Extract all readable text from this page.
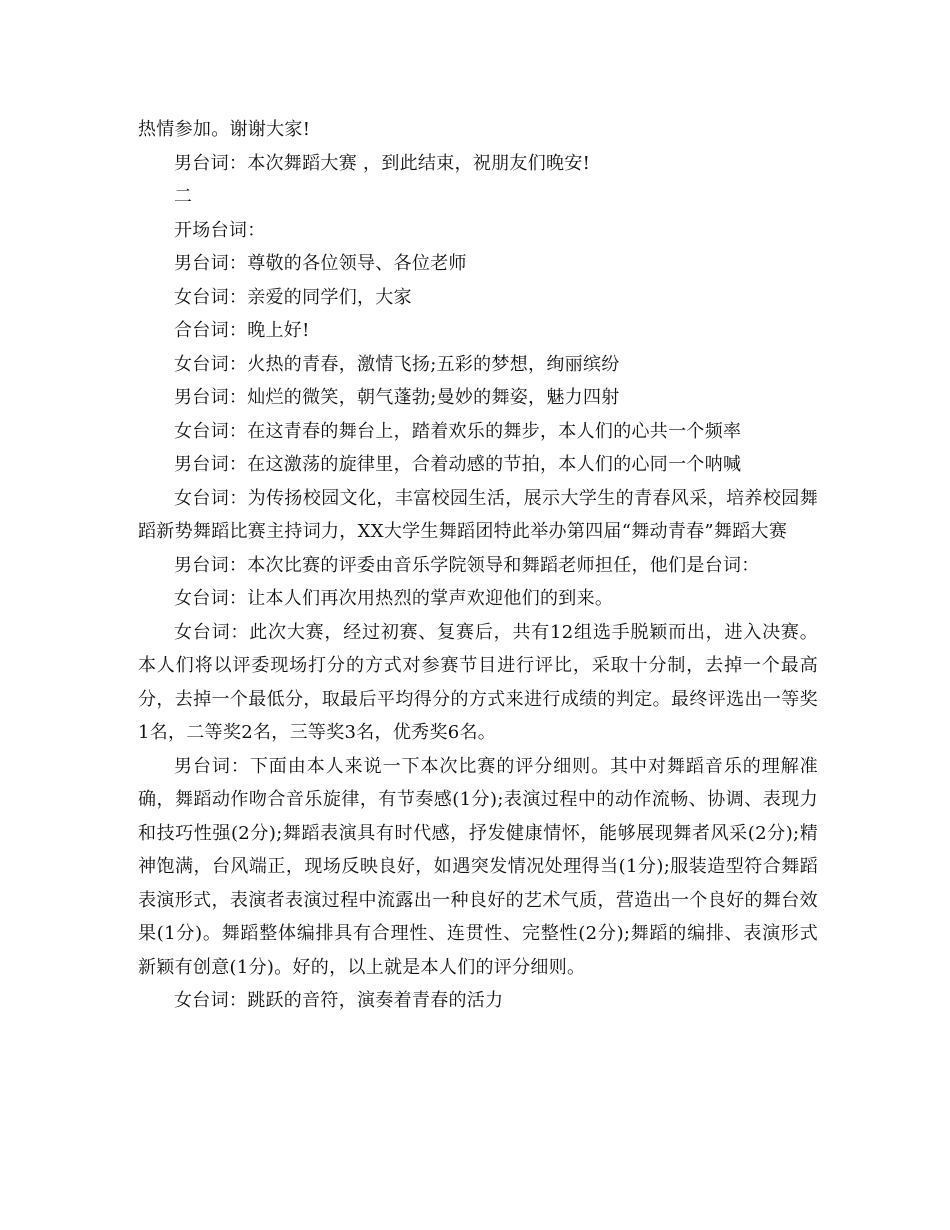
热情参加。谢谢大家!

男台词：本次舞蹈大赛 ，到此结束，祝朋友们晚安!

二

开场台词：

男台词：尊敬的各位领导、各位老师

女台词：亲爱的同学们，大家

合台词：晚上好!

女台词：火热的青春，激情飞扬;五彩的梦想，绚丽缤纷

男台词：灿烂的微笑，朝气蓬勃;曼妙的舞姿，魅力四射

女台词：在这青春的舞台上，踏着欢乐的舞步，本人们的心共一个频率

男台词：在这激荡的旋律里，合着动感的节拍，本人们的心同一个呐喊

女台词：为传扬校园文化，丰富校园生活，展示大学生的青春风采，培养校园舞蹈新势舞蹈比赛主持词力，XX大学生舞蹈团特此举办第四届“舞动青春”舞蹈大赛

男台词：本次比赛的评委由音乐学院领导和舞蹈老师担任，他们是台词：

女台词：让本人们再次用热烈的掌声欢迎他们的到来。

女台词：此次大赛，经过初赛、复赛后，共有12组选手脱颖而出，进入决赛。本人们将以评委现场打分的方式对参赛节目进行评比，采取十分制，去掉一个最高分，去掉一个最低分，取最后平均得分的方式来进行成绩的判定。最终评选出一等奖1名，二等奖2名，三等奖3名，优秀奖6名。

男台词：下面由本人来说一下本次比赛的评分细则。其中对舞蹈音乐的理解准确，舞蹈动作吻合音乐旋律，有节奏感(1分);表演过程中的动作流畅、协调、表现力和技巧性强(2分);舞蹈表演具有时代感，抒发健康情怀，能够展现舞者风采(2分);精神饱满，台风端正，现场反映良好，如遇突发情况处理得当(1分);服装造型符合舞蹈表演形式，表演者表演过程中流露出一种良好的艺术气质，营造出一个良好的舞台效果(1分)。舞蹈整体编排具有合理性、连贯性、完整性(2分);舞蹈的编排、表演形式新颖有创意(1分)。好的，以上就是本人们的评分细则。

女台词：跳跃的音符，演奏着青春的活力
